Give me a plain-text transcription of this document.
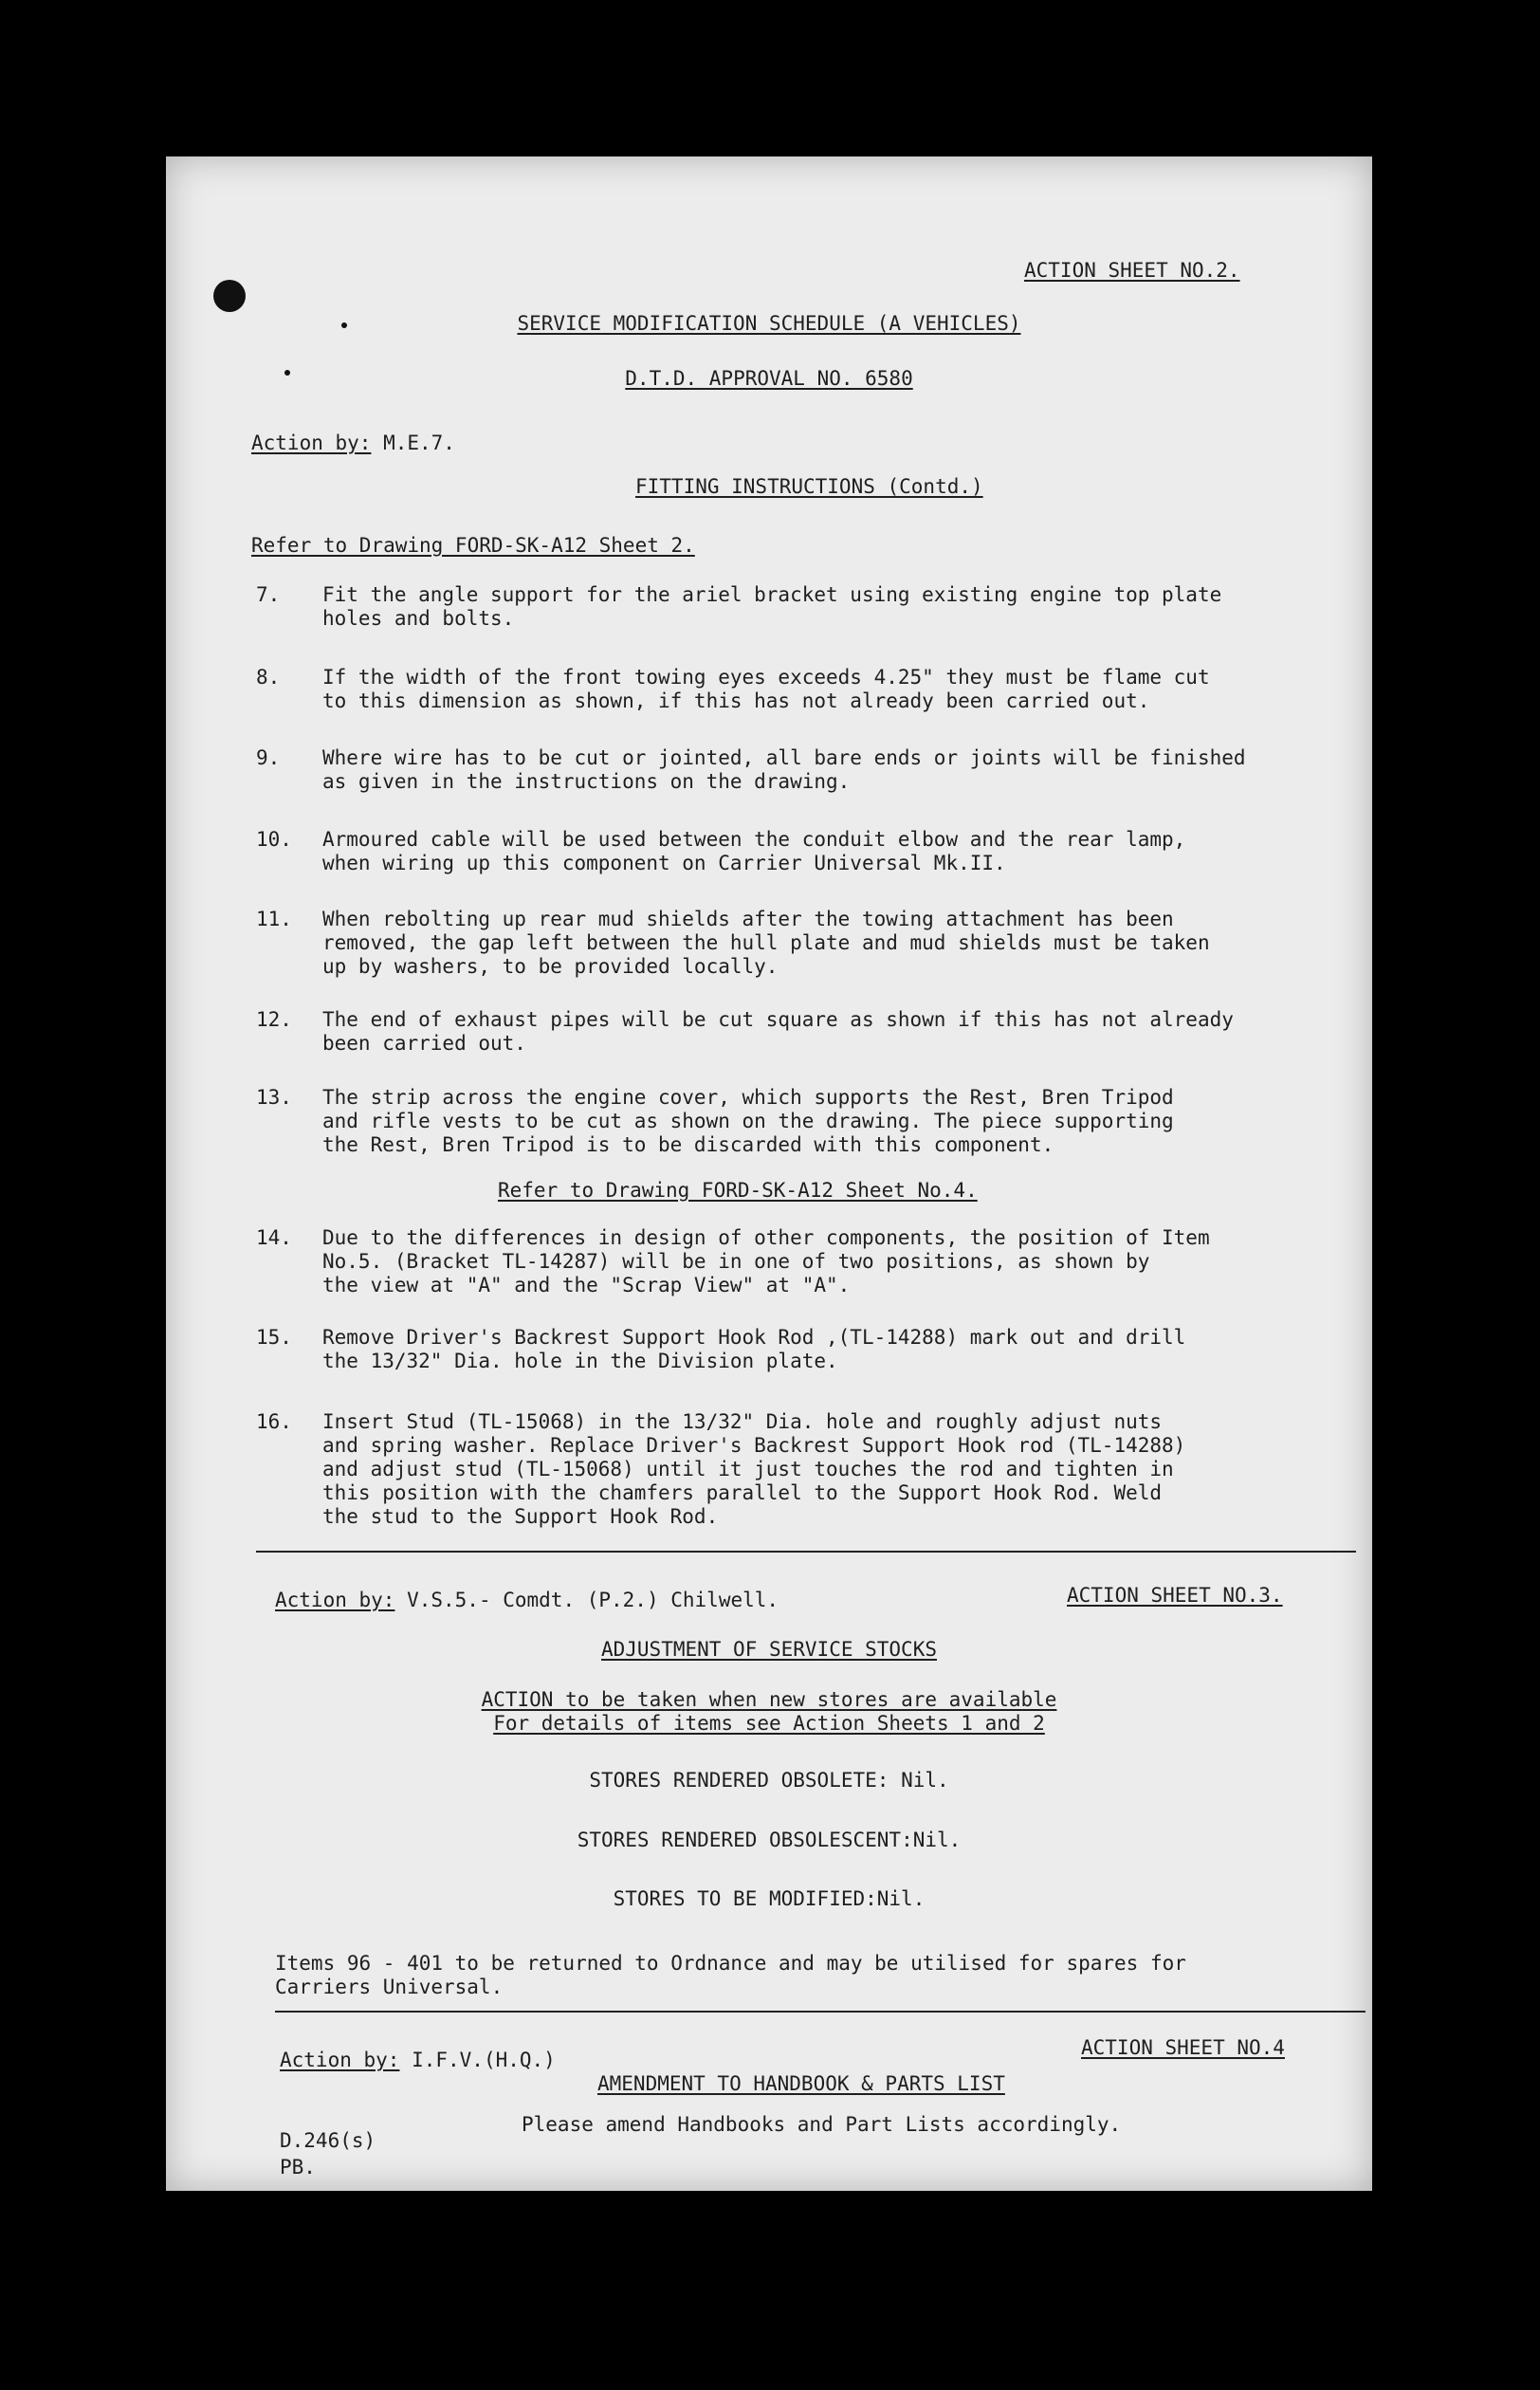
ACTION SHEET NO.2.
SERVICE MODIFICATION SCHEDULE (A VEHICLES)
D.T.D. APPROVAL NO. 6580
Action by: M.E.7.
FITTING INSTRUCTIONS (Contd.)
Refer to Drawing FORD-SK-A12 Sheet 2.
7.	Fit the angle support for the ariel bracket using existing engine top plate
holes and bolts.
8.	If the width of the front towing eyes exceeds 4.25" they must be flame cut
to this dimension as shown, if this has not already been carried out.
9.	Where wire has to be cut or jointed, all bare ends or joints will be finished
as given in the instructions on the drawing.
10.	Armoured cable will be used between the conduit elbow and the rear lamp,
when wiring up this component on Carrier Universal Mk.II.
11.	When rebolting up rear mud shields after the towing attachment has been
removed, the gap left between the hull plate and mud shields must be taken
up by washers, to be provided locally.
12.	The end of exhaust pipes will be cut square as shown if this has not already
been carried out.
13.	The strip across the engine cover, which supports the Rest, Bren Tripod
and rifle vests to be cut as shown on the drawing. The piece supporting
the Rest, Bren Tripod is to be discarded with this component.
Refer to Drawing FORD-SK-A12 Sheet No.4.
14.	Due to the differences in design of other components, the position of Item
No.5. (Bracket TL-14287) will be in one of two positions, as shown by
the view at "A" and the "Scrap View" at "A".
15.	Remove Driver's Backrest Support Hook Rod ,(TL-14288) mark out and drill
the 13/32" Dia. hole in the Division plate.
16.	Insert Stud (TL-15068) in the 13/32" Dia. hole and roughly adjust nuts
and spring washer. Replace Driver's Backrest Support Hook rod (TL-14288)
and adjust stud (TL-15068) until it just touches the rod and tighten in
this position with the chamfers parallel to the Support Hook Rod. Weld
the stud to the Support Hook Rod.
Action by: V.S.5.- Comdt. (P.2.) Chilwell.	ACTION SHEET NO.3.
ADJUSTMENT OF SERVICE STOCKS
ACTION to be taken when new stores are available
For details of items see Action Sheets 1 and 2
STORES RENDERED OBSOLETE: Nil.
STORES RENDERED OBSOLESCENT:Nil.
STORES TO BE MODIFIED:Nil.
Items 96 - 401 to be returned to Ordnance and may be utilised for spares for
Carriers Universal.
Action by: I.F.V.(H.Q.)
ACTION SHEET NO.4
AMENDMENT TO HANDBOOK & PARTS LIST
Please amend Handbooks and Part Lists accordingly.
D.246(s)
PB.
